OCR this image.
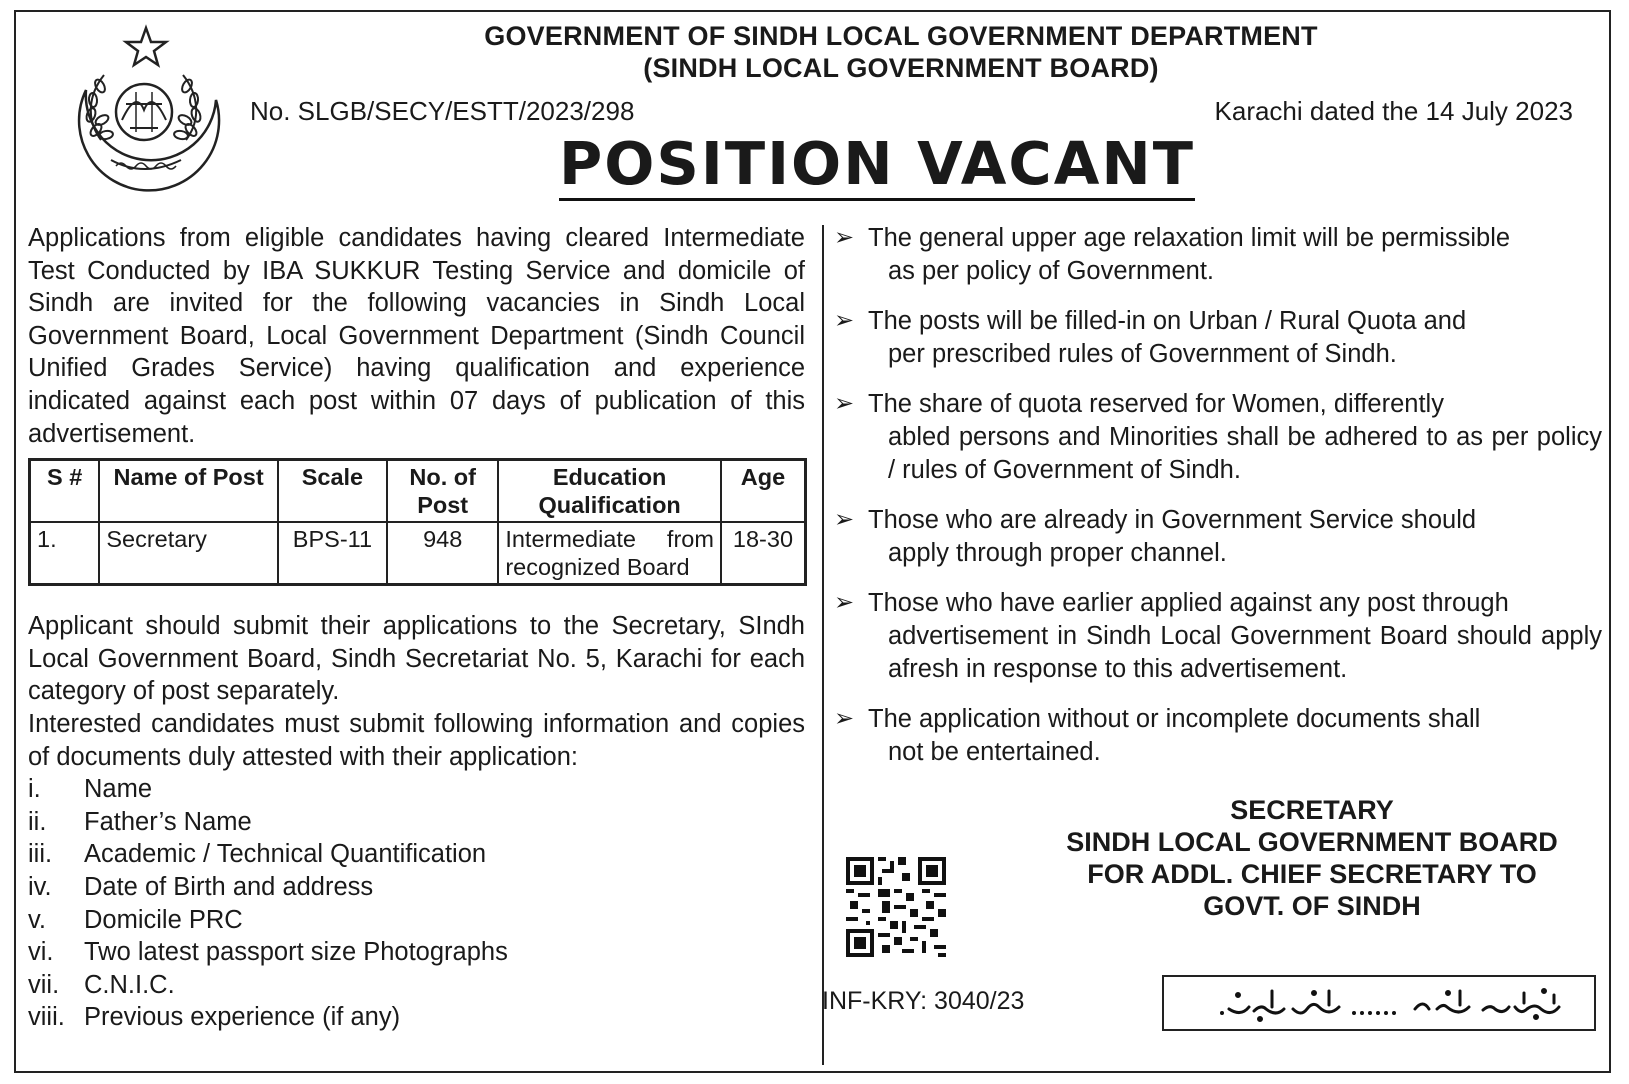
GOVERNMENT OF SINDH LOCAL GOVERNMENT DEPARTMENT
(SINDH LOCAL GOVERNMENT BOARD)
No. SLGB/SECY/ESTT/2023/298	Karachi dated the 14 July 2023
POSITION VACANT

Applications from eligible candidates having cleared Intermediate Test Conducted by IBA SUKKUR Testing Service and domicile of Sindh are invited for the following vacancies in Sindh Local Government Board, Local Government Department (Sindh Council Unified Grades Service) having qualification and experience indicated against each post within 07 days of publication of this advertisement.

S #	Name of Post	Scale	No. of Post	Education Qualification	Age
1.	Secretary	BPS-11	948	Intermediate from recognized Board	18-30

Applicant should submit their applications to the Secretary, SIndh Local Government Board, Sindh Secretariat No. 5, Karachi for each category of post separately.

Interested candidates must submit following information and copies of documents duly attested with their application:

i.	Name
ii.	Father’s Name
iii.	Academic / Technical Quantification
iv.	Date of Birth and address
v.	Domicile PRC
vi.	Two latest passport size Photographs
vii. C.N.I.C.
viii. Previous experience (if any)
➢ The general upper age relaxation limit will be permissible
as per policy of Government.
➢ The posts will be filled-in on Urban / Rural Quota and
per prescribed rules of Government of Sindh.
➢ The share of quota reserved for Women, differently
abled persons and Minorities shall be adhered to as per policy / rules of Government of Sindh.
➢ Those who are already in Government Service should
apply through proper channel.
➢ Those who have earlier applied against any post through
advertisement in Sindh Local Government Board should apply afresh in response to this advertisement.
➢ The application without or incomplete documents shall
not be entertained.
SECRETARY
SINDH LOCAL GOVERNMENT BOARD
FOR ADDL. CHIEF SECRETARY TO
GOVT. OF SINDH
INF-KRY: 3040/23
